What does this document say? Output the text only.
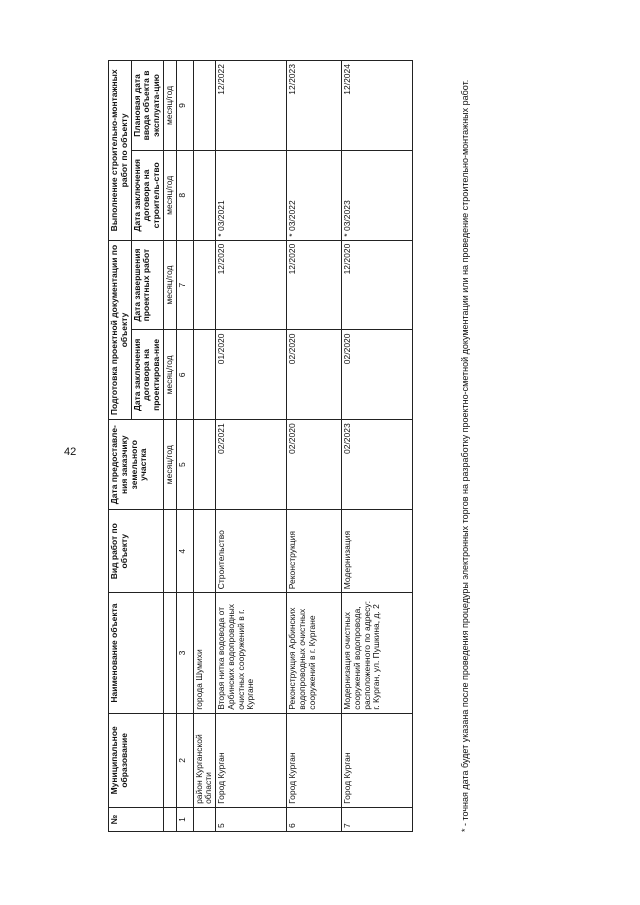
42
№	Муниципальное образование	Наименование объекта	Вид работ по объекту	Дата предоставле-ния заказчику земельного участка	Подготовка проектной документации по объекту		Выполнение строительно-монтажных работ по объекту	
					Дата заключения договора на проектирова-ние	Дата завершения проектных работ	Дата заключения договора на строитель-ство	Плановая дата ввода объекта в эксплуата-цию
				месяц/год	месяц/год	месяц/год	месяц/год	месяц/год
1	2	3	4	5	6	7	8	9
	район Курганской области	города Шумихи						
5	Город Курган	Вторая нитка водовода от Арбинских водопроводных очистных сооружений в г. Кургане	Строительство	02/2021	01/2020	12/2020	* 03/2021	12/2022
6	Город Курган	Реконструкция Арбинских водопроводных очистных сооружений в г. Кургане	Реконструкция	02/2020	02/2020	12/2020	* 03/2022	12/2023
7	Город Курган	Модернизация очистных сооружений водопровода, расположенного по адресу: г. Курган, ул. Пушкина, д. 2	Модернизация	02/2023	02/2020	12/2020	* 03/2023	12/2024
* - точная дата будет указана после проведения процедуры электронных торгов на разработку проектно-сметной документации или на проведение строительно-монтажных работ.
